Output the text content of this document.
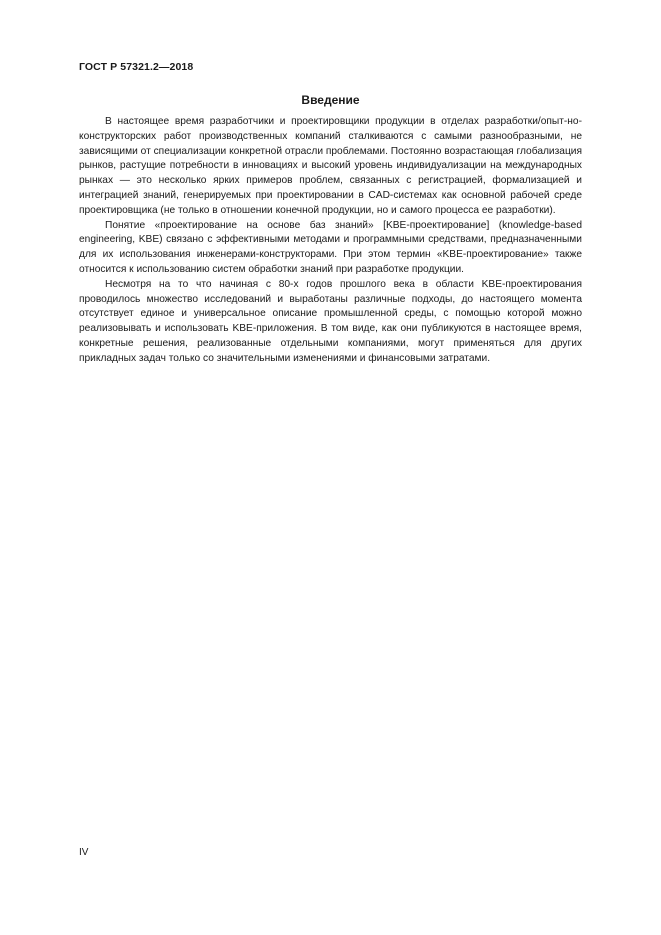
ГОСТ Р 57321.2—2018
Введение

В настоящее время разработчики и проектировщики продукции в отделах разработки/опыт-но-конструкторских работ производственных компаний сталкиваются с самыми разнообразными, не зависящими от специализации конкретной отрасли проблемами. Постоянно возрастающая глобализация рынков, растущие потребности в инновациях и высокий уровень индивидуализации на международных рынках — это несколько ярких примеров проблем, связанных с регистрацией, формализацией и интеграцией знаний, генерируемых при проектировании в CAD-системах как основной рабочей среде проектировщика (не только в отношении конечной продукции, но и самого процесса ее разработки).

Понятие «проектирование на основе баз знаний» [KBE-проектирование] (knowledge-based engineering, KBE) связано с эффективными методами и программными средствами, предназначенными для их использования инженерами-конструкторами. При этом термин «KBE-проектирование» также относится к использованию систем обработки знаний при разработке продукции.

Несмотря на то что начиная с 80-х годов прошлого века в области KBE-проектирования проводилось множество исследований и выработаны различные подходы, до настоящего момента отсутствует единое и универсальное описание промышленной среды, с помощью которой можно реализовывать и использовать KBE-приложения. В том виде, как они публикуются в настоящее время, конкретные решения, реализованные отдельными компаниями, могут применяться для других прикладных задач только со значительными изменениями и финансовыми затратами.

IV
